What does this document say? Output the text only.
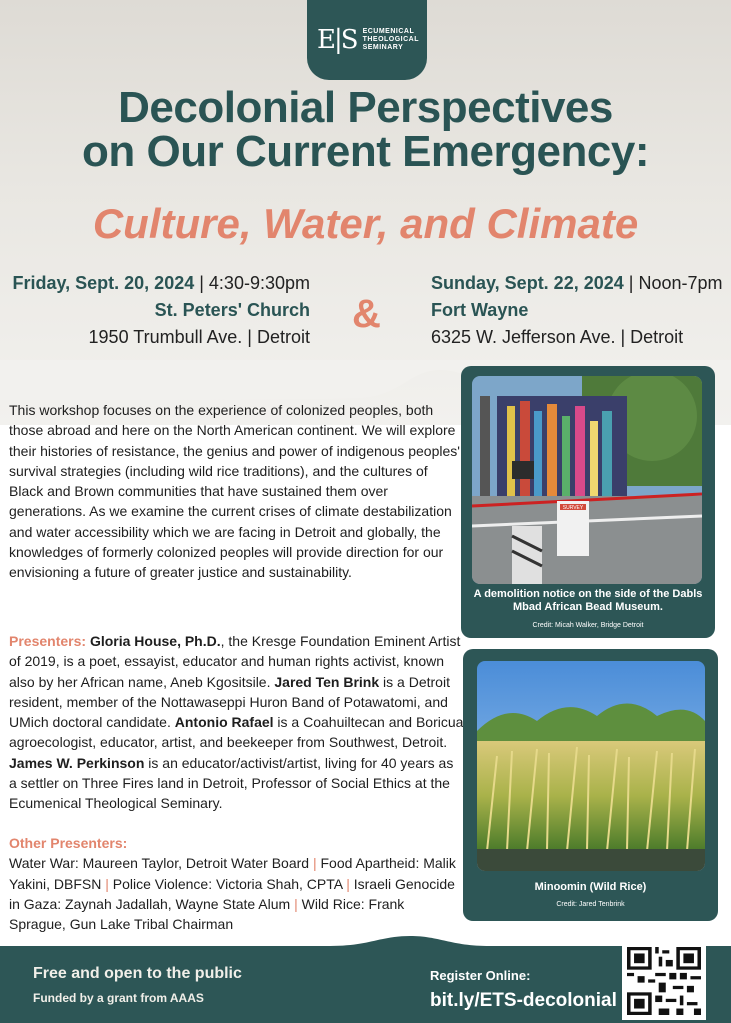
E|S ECUMENICAL THEOLOGICAL SEMINARY
Decolonial Perspectives
on Our Current Emergency:
Culture, Water, and Climate
Friday, Sept. 20, 2024 | 4:30-9:30pm
St. Peters' Church
1950 Trumbull Ave. | Detroit
&
Sunday, Sept. 22, 2024 | Noon-7pm
Fort Wayne
6325 W. Jefferson Ave. | Detroit
This workshop focuses on the experience of colonized peoples, both those abroad and here on the North American continent. We will explore their histories of resistance, the genius and power of indigenous peoples' survival strategies (including wild rice traditions), and the cultures of Black and Brown communities that have sustained them over generations. As we examine the current crises of climate destabilization and water accessibility which we are facing in Detroit and globally, the knowledges of formerly colonized peoples will provide direction for our envisioning a future of greater justice and sustainability.
Presenters: Gloria House, Ph.D., the Kresge Foundation Eminent Artist of 2019, is a poet, essayist, educator and human rights activist, known also by her African name, Aneb Kgositsile. Jared Ten Brink is a Detroit resident, member of the Nottawaseppi Huron Band of Potawatomi, and UMich doctoral candidate. Antonio Rafael is a Coahuiltecan and Boricua agroecologist, educator, artist, and beekeeper from Southwest, Detroit. James W. Perkinson is an educator/activist/artist, living for 40 years as a settler on Three Fires land in Detroit, Professor of Social Ethics at the Ecumenical Theological Seminary.
Other Presenters:
Water War: Maureen Taylor, Detroit Water Board | Food Apartheid: Malik Yakini, DBFSN | Police Violence: Victoria Shah, CPTA | Israeli Genocide in Gaza: Zaynah Jadallah, Wayne State Alum | Wild Rice: Frank Sprague, Gun Lake Tribal Chairman
SURVEY
A demolition notice on the side of the Dabls Mbad African Bead Museum.
Credit: Micah Walker, Bridge Detroit
Minoomin (Wild Rice)
Credit: Jared Tenbrink
Free and open to the public
Funded by a grant from AAAS
Register Online:
bit.ly/ETS-decolonial
